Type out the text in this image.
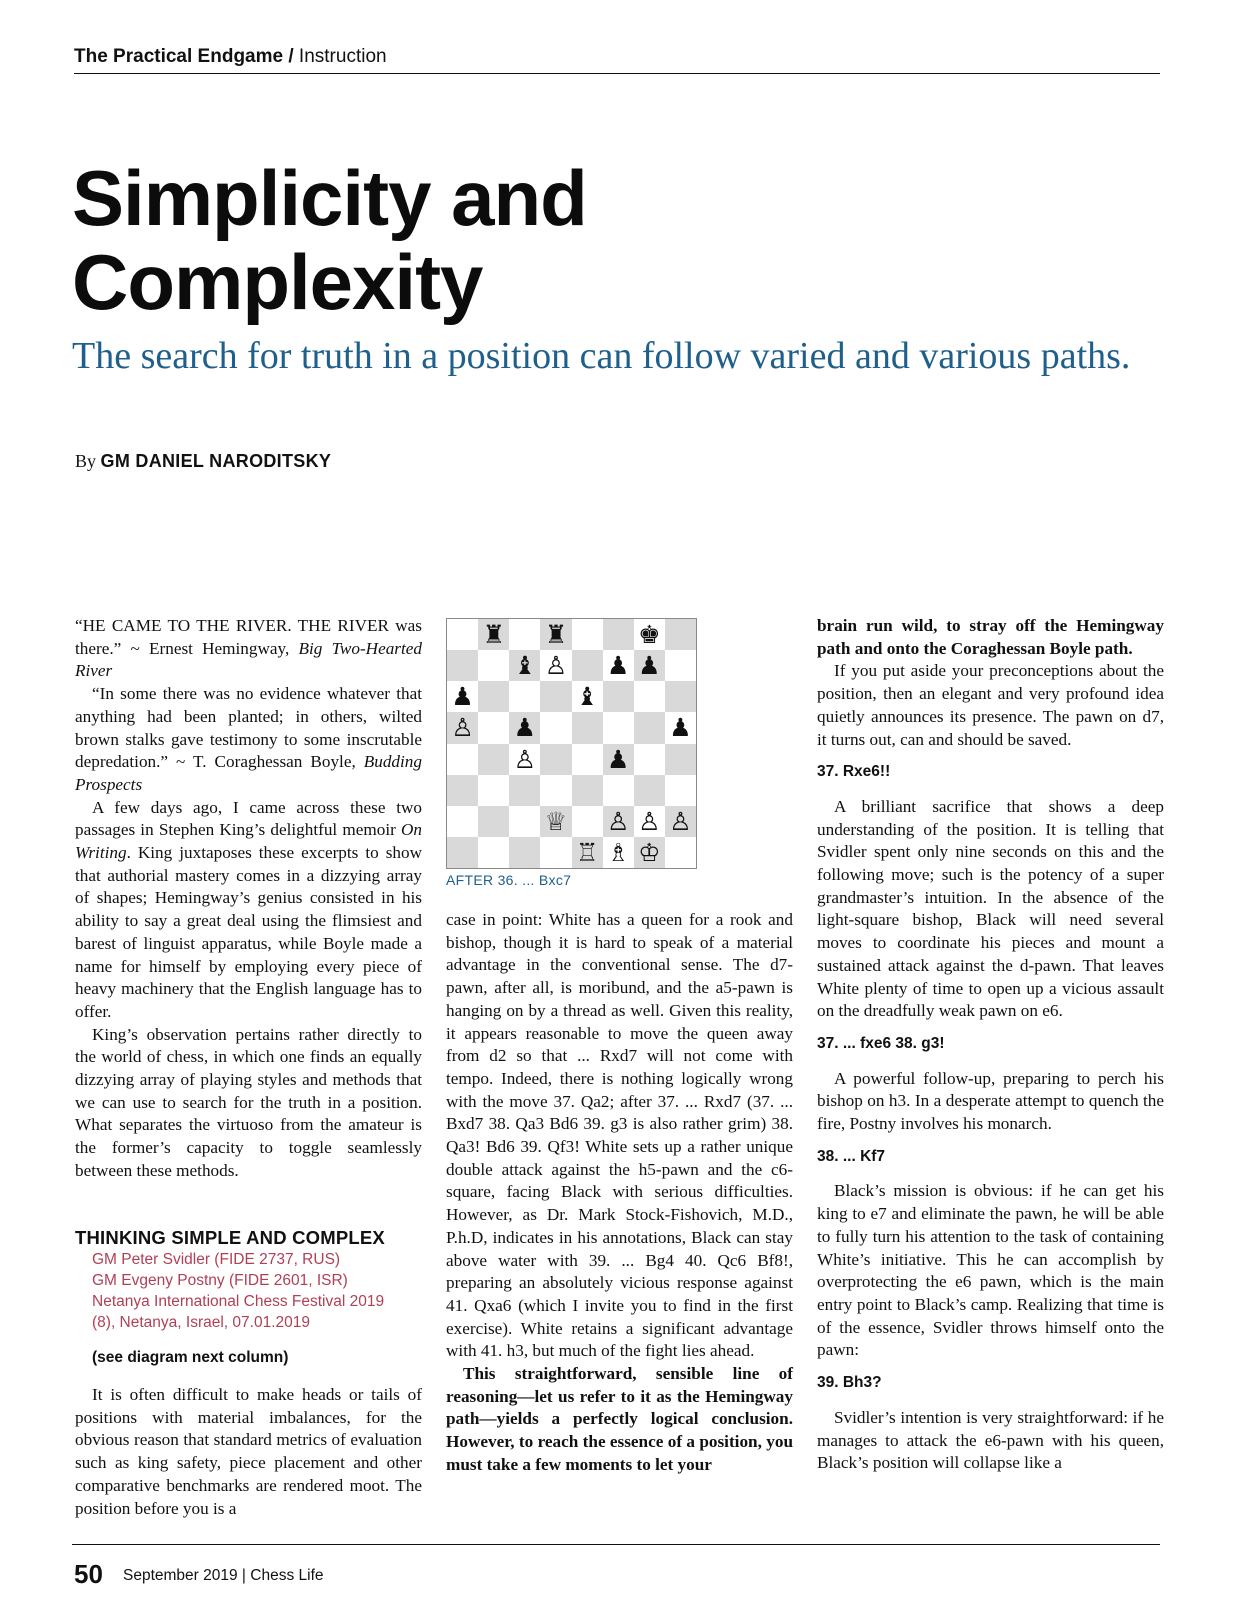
The Practical Endgame / Instruction
Simplicity and
Complexity
The search for truth in a position can follow varied and various paths.
By GM DANIEL NARODITSKY

“HE CAME TO THE RIVER. THE RIVER was there.” ~ Ernest Hemingway, Big Two-Hearted River

“In some there was no evidence whatever that anything had been planted; in others, wilted brown stalks gave testimony to some inscrutable depredation.” ~ T. Coraghessan Boyle, Budding Prospects

A few days ago, I came across these two passages in Stephen King’s delightful memoir On Writing. King juxtaposes these excerpts to show that authorial mastery comes in a dizzying array of shapes; Hemingway’s genius consisted in his ability to say a great deal using the flimsiest and barest of linguist apparatus, while Boyle made a name for himself by employing every piece of heavy machinery that the English language has to offer.

King’s observation pertains rather directly to the world of chess, in which one finds an equally dizzying array of playing styles and methods that we can use to search for the truth in a position. What separates the virtuoso from the amateur is the former’s capacity to toggle seamlessly between these methods.

THINKING SIMPLE AND COMPLEX

GM Peter Svidler (FIDE 2737, RUS)

GM Evgeny Postny (FIDE 2601, ISR)

Netanya International Chess Festival 2019

(8), Netanya, Israel, 07.01.2019

(see diagram next column)

It is often difficult to make heads or tails of positions with material imbalances, for the obvious reason that standard metrics of evaluation such as king safety, piece placement and other comparative benchmarks are rendered moot. The position before you is a

♜ ♜	♚
♝ ♙ ♟ ♟
♟	♝
♙ ♟	♟
♙	♟
♕ ♙ ♙ ♙
♖ ♗ ♔
AFTER 36. ... Bxc7

case in point: White has a queen for a rook and bishop, though it is hard to speak of a material advantage in the conventional sense. The d7-pawn, after all, is moribund, and the a5-pawn is hanging on by a thread as well. Given this reality, it appears reasonable to move the queen away from d2 so that ... Rxd7 will not come with tempo. Indeed, there is nothing logically wrong with the move 37. Qa2; after 37. ... Rxd7 (37. ... Bxd7 38. Qa3 Bd6 39. g3 is also rather grim) 38. Qa3! Bd6 39. Qf3! White sets up a rather unique double attack against the h5-pawn and the c6-square, facing Black with serious difficulties. However, as Dr. Mark Stock-Fishovich, M.D., P.h.D, indicates in his annotations, Black can stay above water with 39. ... Bg4 40. Qc6 Bf8!, preparing an absolutely vicious response against 41. Qxa6 (which I invite you to find in the first exercise). White retains a significant advantage with 41. h3, but much of the fight lies ahead.

This straightforward, sensible line of reasoning—let us refer to it as the Hemingway path—yields a perfectly logical conclusion. However, to reach the essence of a position, you must take a few moments to let your

brain run wild, to stray off the Hemingway path and onto the Coraghessan Boyle path.

If you put aside your preconceptions about the position, then an elegant and very profound idea quietly announces its presence. The pawn on d7, it turns out, can and should be saved.

37. Rxe6!!

A brilliant sacrifice that shows a deep understanding of the position. It is telling that Svidler spent only nine seconds on this and the following move; such is the potency of a super grandmaster’s intuition. In the absence of the light-square bishop, Black will need several moves to coordinate his pieces and mount a sustained attack against the d-pawn. That leaves White plenty of time to open up a vicious assault on the dreadfully weak pawn on e6.

37. ... fxe6 38. g3!

A powerful follow-up, preparing to perch his bishop on h3. In a desperate attempt to quench the fire, Postny involves his monarch.

38. ... Kf7

Black’s mission is obvious: if he can get his king to e7 and eliminate the pawn, he will be able to fully turn his attention to the task of containing White’s initiative. This he can accomplish by overprotecting the e6 pawn, which is the main entry point to Black’s camp. Realizing that time is of the essence, Svidler throws himself onto the pawn:

39. Bh3?

Svidler’s intention is very straightforward: if he manages to attack the e6-pawn with his queen, Black’s position will collapse like a

50 September 2019 | Chess Life
